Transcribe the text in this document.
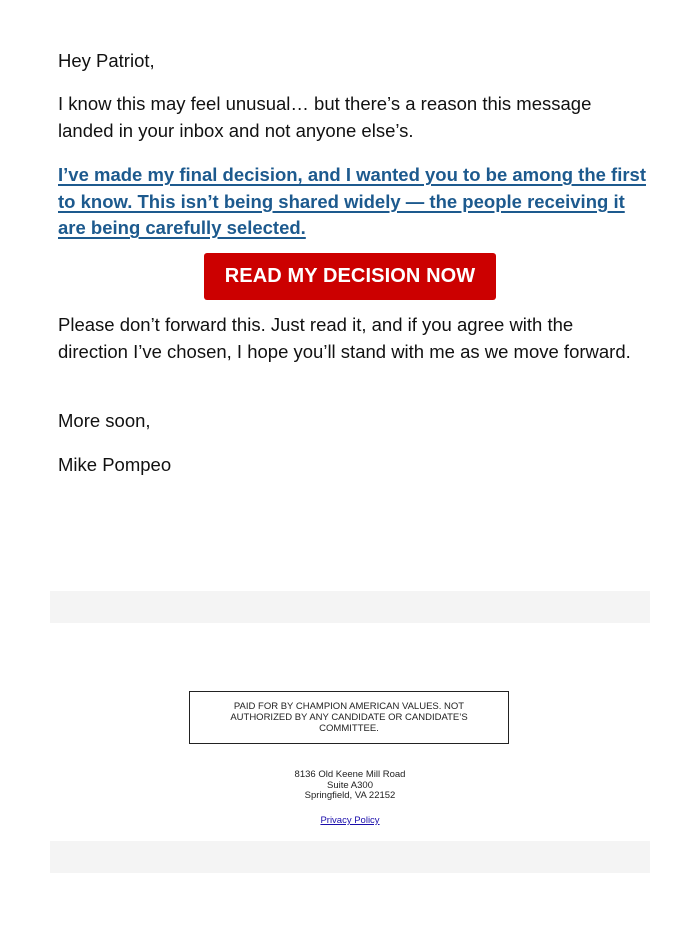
Hey Patriot,

I know this may feel unusual… but there’s a reason this message landed in your inbox and not anyone else’s.

I’ve made my final decision, and I wanted you to be among the first to know. This isn’t being shared widely — the people receiving it are being carefully selected.
READ MY DECISION NOW

Please don’t forward this. Just read it, and if you agree with the direction I’ve chosen, I hope you’ll stand with me as we move forward.

More soon,

Mike Pompeo

PAID FOR BY CHAMPION AMERICAN VALUES. NOT AUTHORIZED BY ANY CANDIDATE OR CANDIDATE’S COMMITTEE.
8136 Old Keene Mill Road
Suite A300
Springfield, VA 22152
Privacy Policy
